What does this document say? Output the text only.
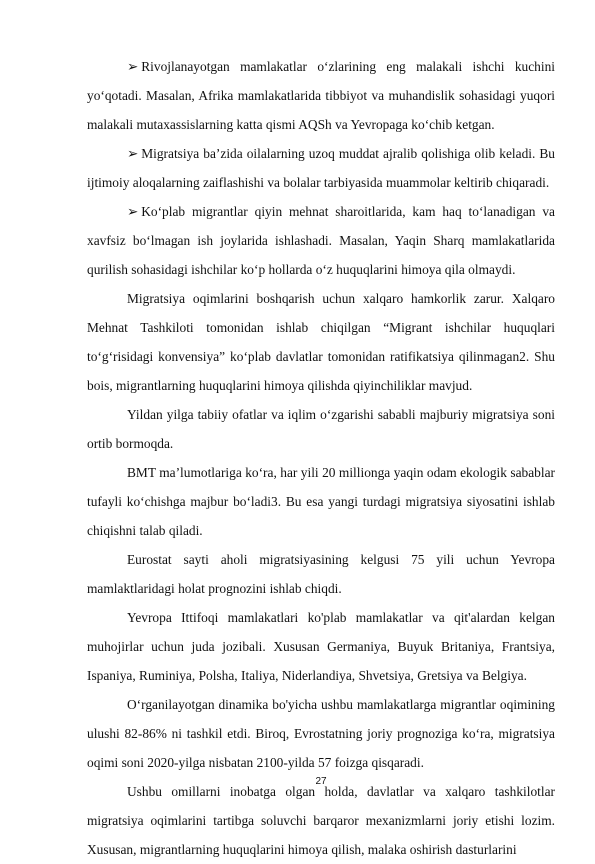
➢ Rivojlanayotgan mamlakatlar o‘zlarining eng malakali ishchi kuchini yo‘qotadi. Masalan, Afrika mamlakatlarida tibbiyot va muhandislik sohasidagi yuqori malakali mutaxassislarning katta qismi AQSh va Yevropaga ko‘chib ketgan.

➢ Migratsiya ba’zida oilalarning uzoq muddat ajralib qolishiga olib keladi. Bu ijtimoiy aloqalarning zaiflashishi va bolalar tarbiyasida muammolar keltirib chiqaradi.

➢ Ko‘plab migrantlar qiyin mehnat sharoitlarida, kam haq to‘lanadigan va xavfsiz bo‘lmagan ish joylarida ishlashadi. Masalan, Yaqin Sharq mamlakatlarida qurilish sohasidagi ishchilar ko‘p hollarda o‘z huquqlarini himoya qila olmaydi.

Migratsiya oqimlarini boshqarish uchun xalqaro hamkorlik zarur. Xalqaro Mehnat Tashkiloti tomonidan ishlab chiqilgan “Migrant ishchilar huquqlari to‘g‘risidagi konvensiya” ko‘plab davlatlar tomonidan ratifikatsiya qilinmagan2. Shu bois, migrantlarning huquqlarini himoya qilishda qiyinchiliklar mavjud.

Yildan yilga tabiiy ofatlar va iqlim o‘zgarishi sababli majburiy migratsiya soni ortib bormoqda.

BMT ma’lumotlariga ko‘ra, har yili 20 millionga yaqin odam ekologik sabablar tufayli ko‘chishga majbur bo‘ladi3. Bu esa yangi turdagi migratsiya siyosatini ishlab chiqishni talab qiladi.

Eurostat sayti aholi migratsiyasining kelgusi 75 yili uchun Yevropa mamlaktlaridagi holat prognozini ishlab chiqdi.

Yevropa Ittifoqi mamlakatlari ko'plab mamlakatlar va qit'alardan kelgan muhojirlar uchun juda jozibali. Xususan Germaniya, Buyuk Britaniya, Frantsiya, Ispaniya, Ruminiya, Polsha, Italiya, Niderlandiya, Shvetsiya, Gretsiya va Belgiya.

O‘rganilayotgan dinamika bo'yicha ushbu mamlakatlarga migrantlar oqimining ulushi 82-86% ni tashkil etdi. Biroq, Evrostatning joriy prognoziga ko‘ra, migratsiya oqimi soni 2020-yilga nisbatan 2100-yilda 57 foizga qisqaradi.

Ushbu omillarni inobatga olgan holda, davlatlar va xalqaro tashkilotlar migratsiya oqimlarini tartibga soluvchi barqaror mexanizmlarni joriy etishi lozim. Xususan, migrantlarning huquqlarini himoya qilish, malaka oshirish dasturlarini

27
